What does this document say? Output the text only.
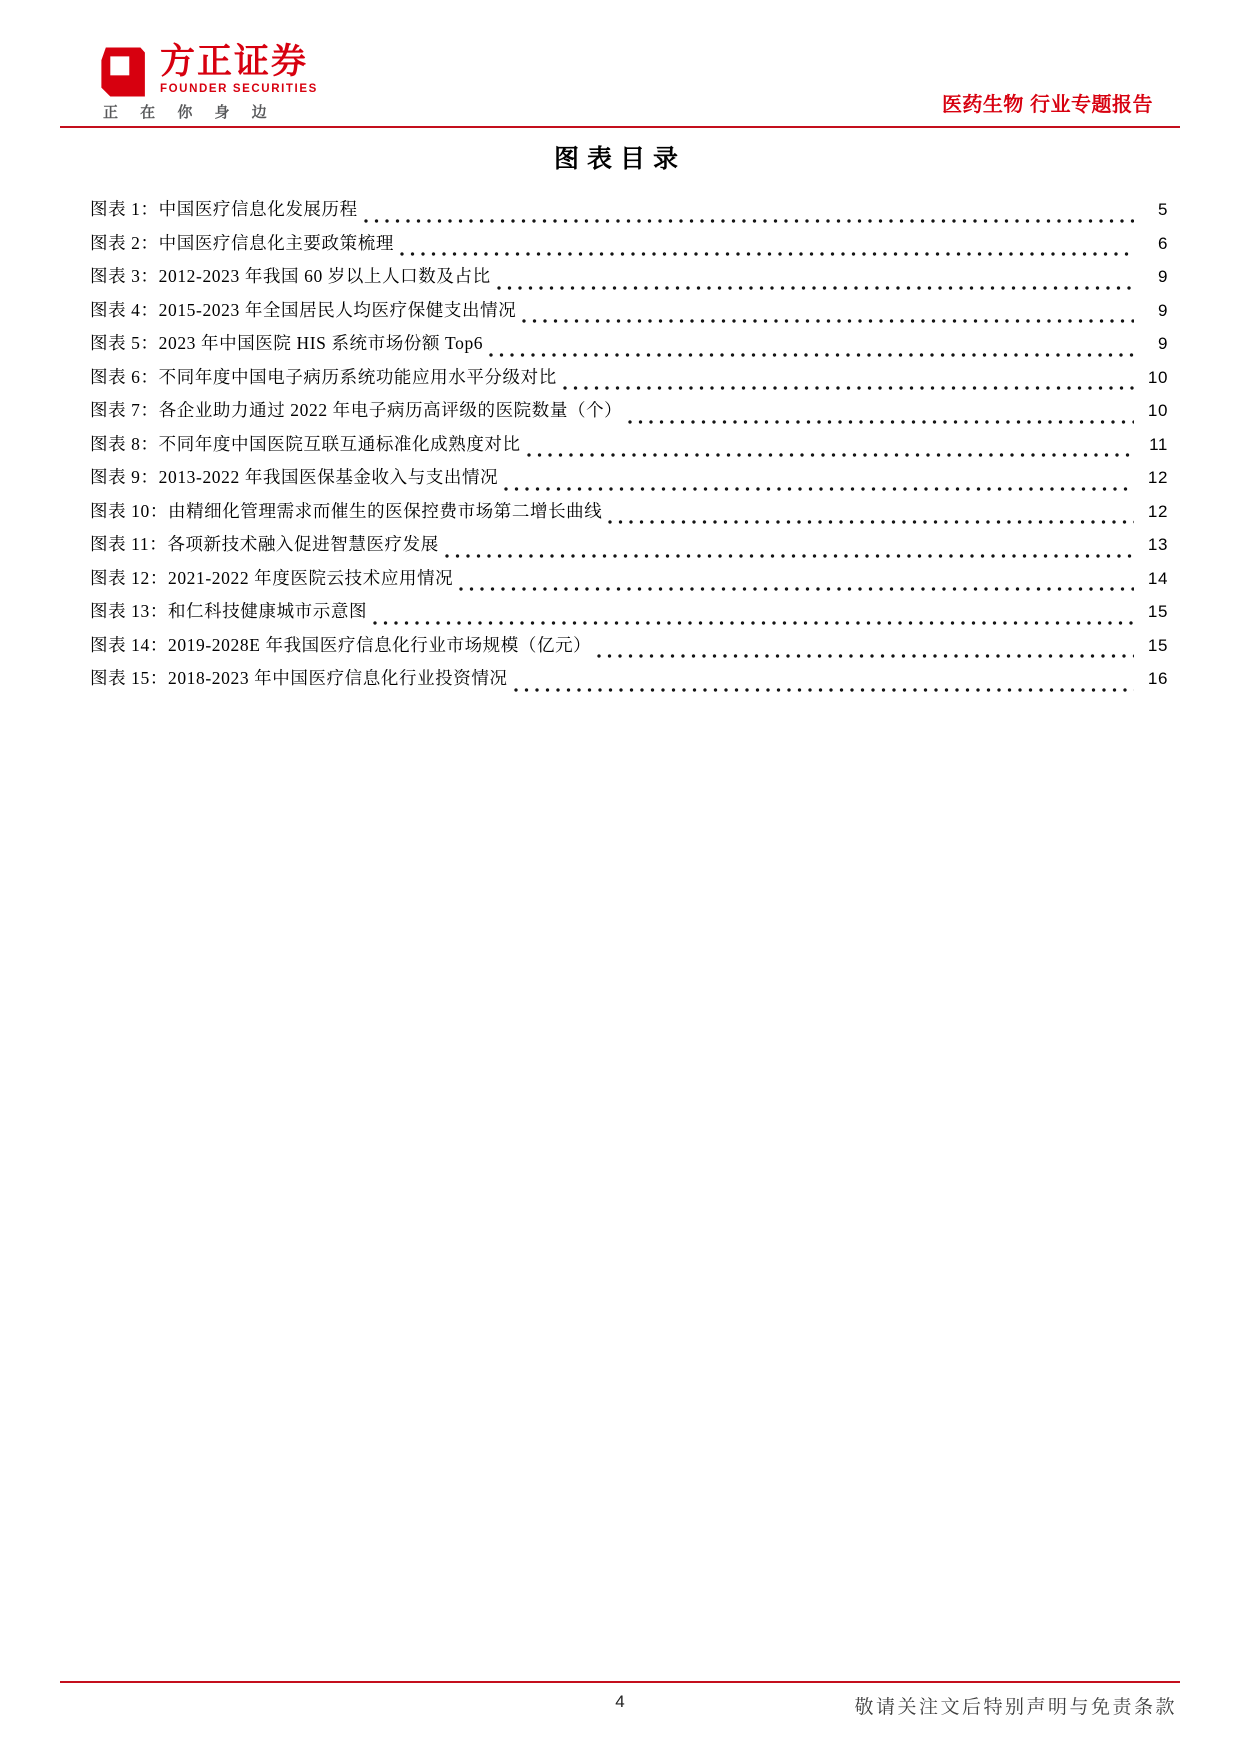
方正证券
FOUNDER SECURITIES
正 在 你 身 边	医药生物 行业专题报告
图表目录
图表 1：中国医疗信息化发展历程	5
图表 2：中国医疗信息化主要政策梳理	6
图表 3：2012-2023 年我国 60 岁以上人口数及占比	9
图表 4：2015-2023 年全国居民人均医疗保健支出情况	9
图表 5：2023 年中国医院 HIS 系统市场份额 Top6	9
图表 6：不同年度中国电子病历系统功能应用水平分级对比	10
图表 7：各企业助力通过 2022 年电子病历高评级的医院数量（个）	10
图表 8：不同年度中国医院互联互通标准化成熟度对比	11
图表 9：2013-2022 年我国医保基金收入与支出情况	12
图表 10：由精细化管理需求而催生的医保控费市场第二增长曲线	12
图表 11：各项新技术融入促进智慧医疗发展	13
图表 12：2021-2022 年度医院云技术应用情况	14
图表 13：和仁科技健康城市示意图	15
图表 14：2019-2028E 年我国医疗信息化行业市场规模（亿元）	15
图表 15：2018-2023 年中国医疗信息化行业投资情况	16
4	敬请关注文后特别声明与免责条款
